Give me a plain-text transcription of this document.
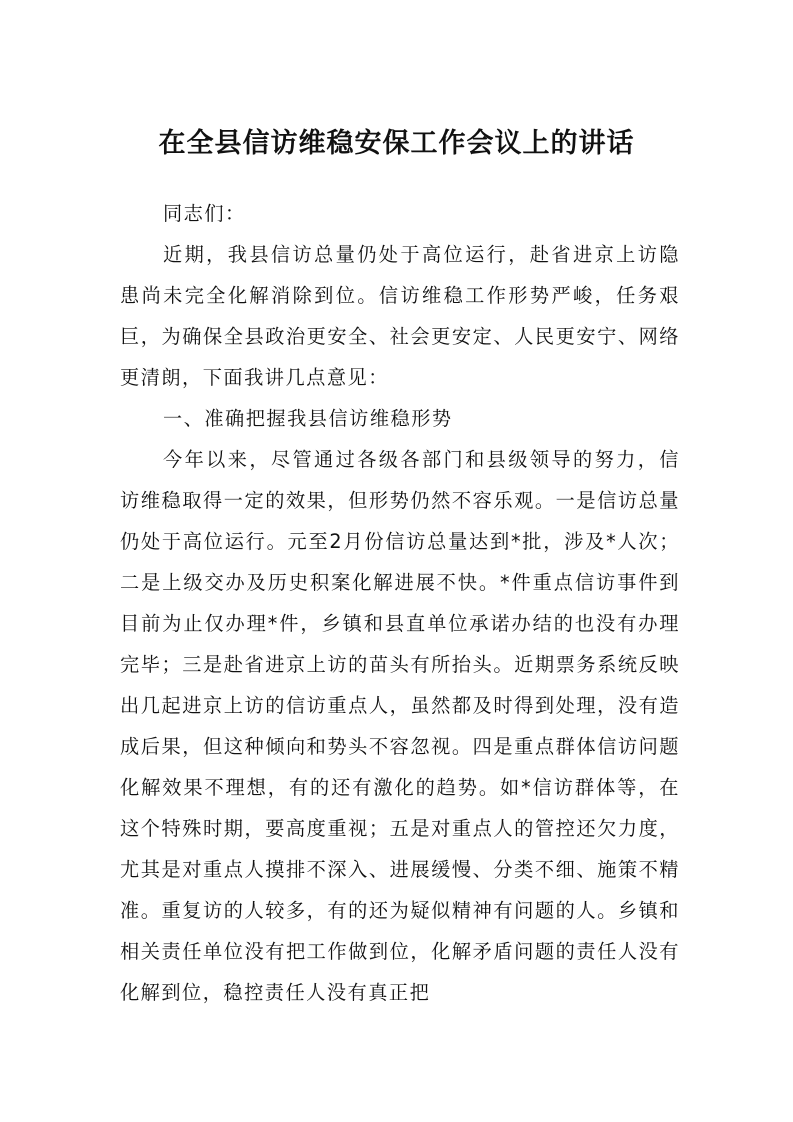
在全县信访维稳安保工作会议上的讲话

同志们：

近期，我县信访总量仍处于高位运行，赴省进京上访隐患尚未完全化解消除到位。信访维稳工作形势严峻，任务艰巨，为确保全县政治更安全、社会更安定、人民更安宁、网络更清朗，下面我讲几点意见：

一、准确把握我县信访维稳形势

今年以来，尽管通过各级各部门和县级领导的努力，信访维稳取得一定的效果，但形势仍然不容乐观。一是信访总量仍处于高位运行。元至2月份信访总量达到*批，涉及*人次；二是上级交办及历史积案化解进展不快。*件重点信访事件到目前为止仅办理*件，乡镇和县直单位承诺办结的也没有办理完毕；三是赴省进京上访的苗头有所抬头。近期票务系统反映出几起进京上访的信访重点人，虽然都及时得到处理，没有造成后果，但这种倾向和势头不容忽视。四是重点群体信访问题化解效果不理想，有的还有激化的趋势。如*信访群体等，在这个特殊时期，要高度重视；五是对重点人的管控还欠力度，尤其是对重点人摸排不深入、进展缓慢、分类不细、施策不精准。重复访的人较多，有的还为疑似精神有问题的人。乡镇和相关责任单位没有把工作做到位，化解矛盾问题的责任人没有化解到位，稳控责任人没有真正把
